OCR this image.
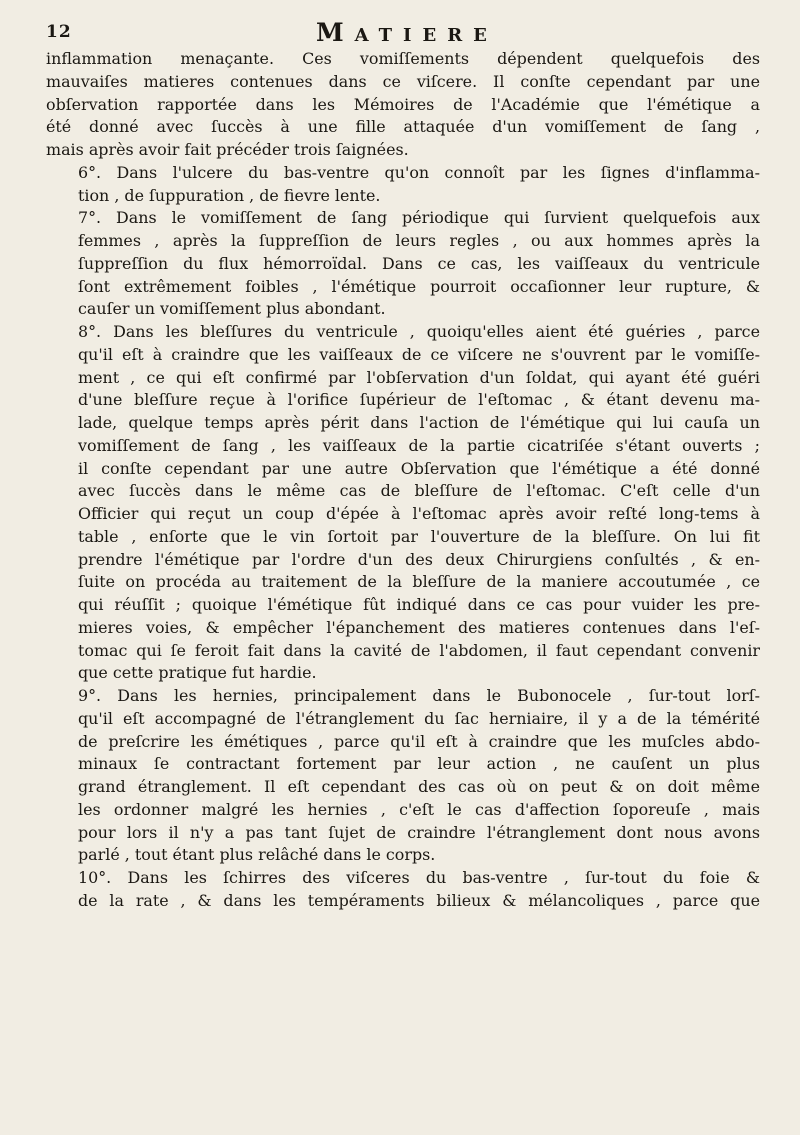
12	Matiere
inflammation menaçante. Ces vomiſſements dépendent quelquefois des
mauvaiſes matieres contenues dans ce viſcere. Il conſte cependant par une
obſervation rapportée dans les Mémoires de l'Académie que l'émétique a
été donné avec ſuccès à une fille attaquée d'un vomiſſement de ſang ,
mais après avoir fait précéder trois ſaignées.
6°. Dans l'ulcere du bas-ventre qu'on connoît par les ſignes d'inflamma-
tion , de ſuppuration , de fievre lente.
7°. Dans le vomiſſement de ſang périodique qui ſurvient quelquefois aux
femmes , après la ſuppreſſion de leurs regles , ou aux hommes après la
ſuppreſſion du flux hémorroïdal. Dans ce cas, les vaiſſeaux du ventricule
ſont extrêmement foibles , l'émétique pourroit occaſionner leur rupture, &
cauſer un vomiſſement plus abondant.
8°. Dans les bleſſures du ventricule , quoiqu'elles aient été guéries , parce
qu'il eſt à craindre que les vaiſſeaux de ce viſcere ne s'ouvrent par le vomiſſe-
ment , ce qui eſt confirmé par l'obſervation d'un ſoldat, qui ayant été guéri
d'une bleſſure reçue à l'orifice ſupérieur de l'eſtomac , & étant devenu ma-
lade, quelque temps après périt dans l'action de l'émétique qui lui cauſa un
vomiſſement de ſang , les vaiſſeaux de la partie cicatriſée s'étant ouverts ;
il conſte cependant par une autre Obſervation que l'émétique a été donné
avec ſuccès dans le même cas de bleſſure de l'eſtomac. C'eſt celle d'un
Officier qui reçut un coup d'épée à l'eſtomac après avoir reſté long-tems à
table , enſorte que le vin ſortoit par l'ouverture de la bleſſure. On lui fit
prendre l'émétique par l'ordre d'un des deux Chirurgiens conſultés , & en-
ſuite on procéda au traitement de la bleſſure de la maniere accoutumée , ce
qui réuſſit ; quoique l'émétique fût indiqué dans ce cas pour vuider les pre-
mieres voies, & empêcher l'épanchement des matieres contenues dans l'eſ-
tomac qui ſe feroit fait dans la cavité de l'abdomen, il faut cependant convenir
que cette pratique fut hardie.
9°. Dans les hernies, principalement dans le Bubonocele , ſur-tout lorſ-
qu'il eſt accompagné de l'étranglement du ſac herniaire, il y a de la témérité
de preſcrire les émétiques , parce qu'il eſt à craindre que les muſcles abdo-
minaux ſe contractant fortement par leur action , ne cauſent un plus
grand étranglement. Il eſt cependant des cas où on peut & on doit même
les ordonner malgré les hernies , c'eſt le cas d'affection ſoporeuſe , mais
pour lors il n'y a pas tant ſujet de craindre l'étranglement dont nous avons
parlé , tout étant plus relâché dans le corps.
10°. Dans les ſchirres des viſceres du bas-ventre , ſur-tout du foie &
de la rate , & dans les tempéraments bilieux & mélancoliques , parce que
